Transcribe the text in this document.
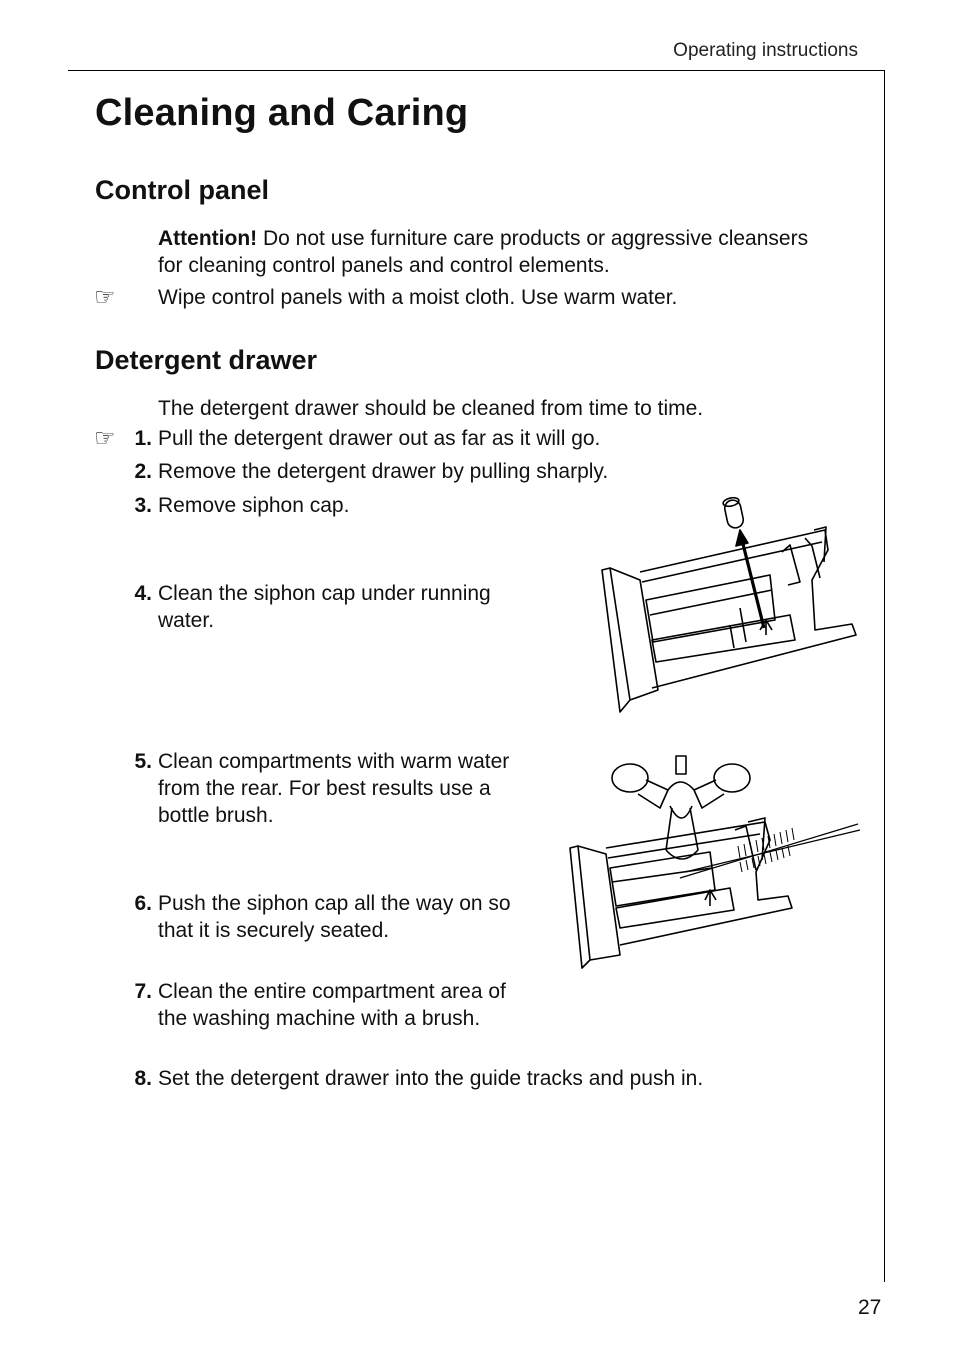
Operating instructions
Cleaning and Caring
Control panel
Attention! Do not use furniture care products or aggressive cleansers
for cleaning control panels and control elements.
☞ Wipe control panels with a moist cloth. Use warm water.
Detergent drawer
The detergent drawer should be cleaned from time to time.
☞ 1. Pull the detergent drawer out as far as it will go.
2. Remove the detergent drawer by pulling sharply.
3. Remove siphon cap.
4. Clean the siphon cap under running
water.
5. Clean compartments with warm water
from the rear. For best results use a
bottle brush.
6. Push the siphon cap all the way on so
that it is securely seated.
7. Clean the entire compartment area of
the washing machine with a brush.
8. Set the detergent drawer into the guide tracks and push in.
27
